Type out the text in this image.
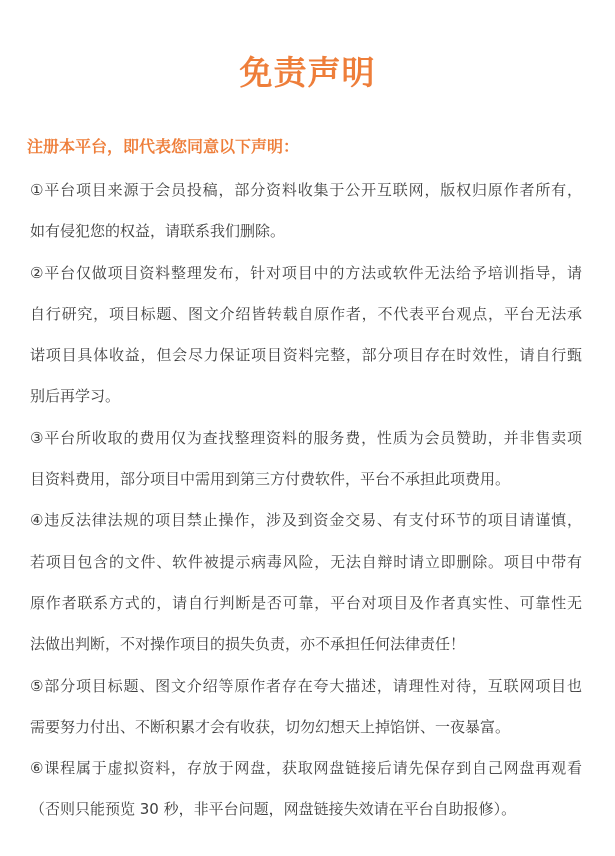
免责声明
注册本平台，即代表您同意以下声明：
①平台项目来源于会员投稿，部分资料收集于公开互联网，版权归原作者所有，
如有侵犯您的权益，请联系我们删除。
②平台仅做项目资料整理发布，针对项目中的方法或软件无法给予培训指导，请
自行研究，项目标题、图文介绍皆转载自原作者，不代表平台观点，平台无法承
诺项目具体收益，但会尽力保证项目资料完整，部分项目存在时效性，请自行甄
别后再学习。
③平台所收取的费用仅为查找整理资料的服务费，性质为会员赞助，并非售卖项
目资料费用，部分项目中需用到第三方付费软件，平台不承担此项费用。
④违反法律法规的项目禁止操作，涉及到资金交易、有支付环节的项目请谨慎，
若项目包含的文件、软件被提示病毒风险，无法自辩时请立即删除。项目中带有
原作者联系方式的，请自行判断是否可靠，平台对项目及作者真实性、可靠性无
法做出判断，不对操作项目的损失负责，亦不承担任何法律责任！
⑤部分项目标题、图文介绍等原作者存在夸大描述，请理性对待，互联网项目也
需要努力付出、不断积累才会有收获，切勿幻想天上掉馅饼、一夜暴富。
⑥课程属于虚拟资料，存放于网盘，获取网盘链接后请先保存到自己网盘再观看
（否则只能预览 30 秒，非平台问题，网盘链接失效请在平台自助报修）。
